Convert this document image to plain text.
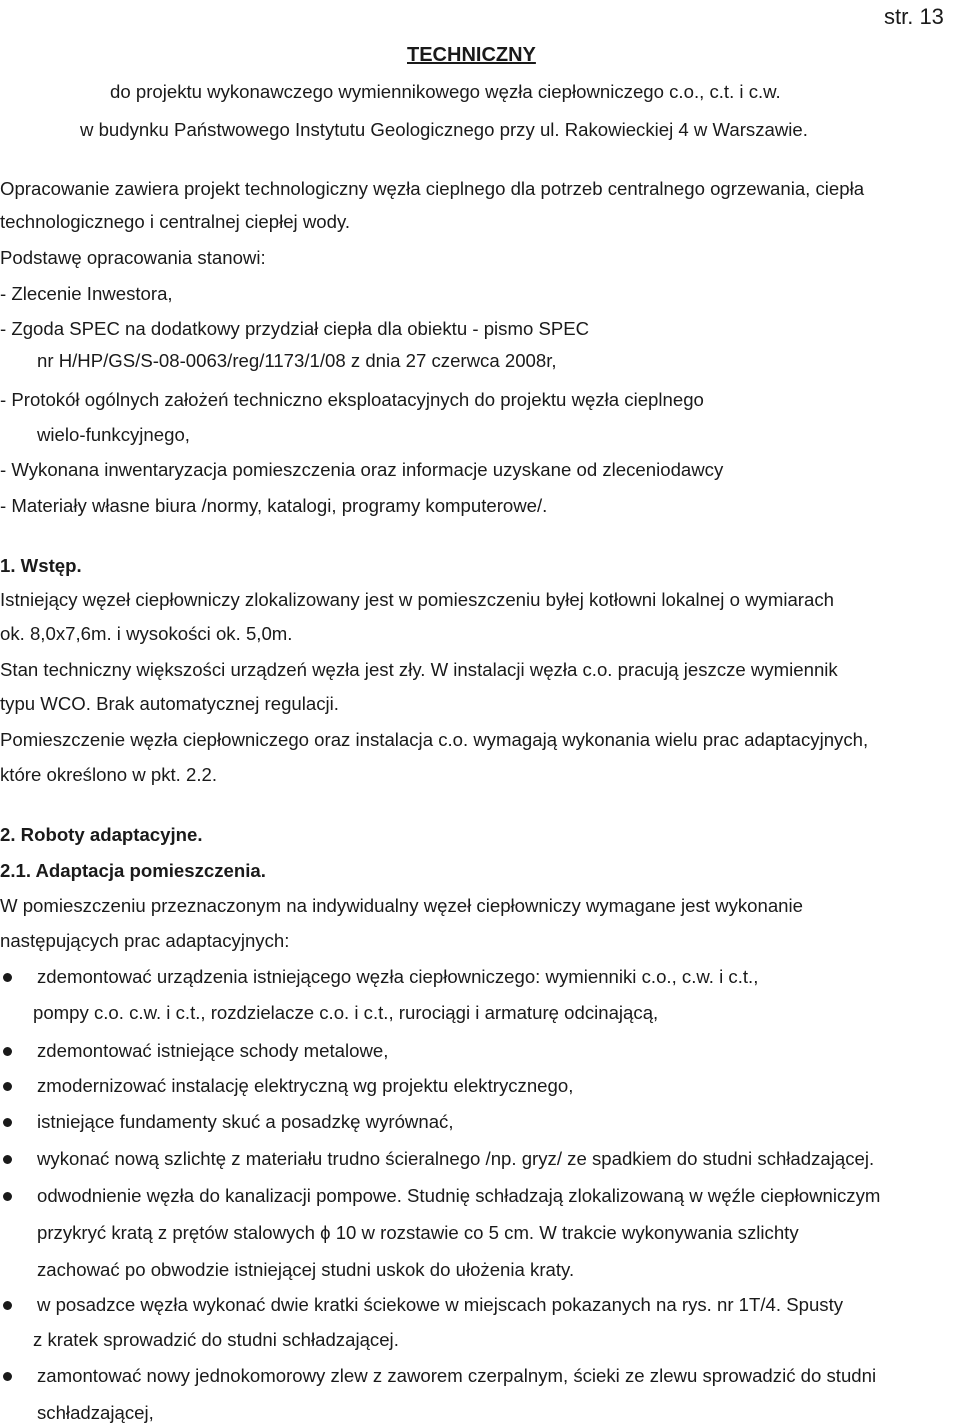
str. 13
TECHNICZNY
do projektu wykonawczego wymiennikowego węzła ciepłowniczego c.o., c.t. i c.w.
w budynku Państwowego Instytutu Geologicznego przy ul. Rakowieckiej 4 w Warszawie.
Opracowanie zawiera projekt technologiczny węzła cieplnego dla potrzeb centralnego ogrzewania, ciepła
technologicznego i centralnej ciepłej wody.
Podstawę opracowania stanowi:
- Zlecenie Inwestora,
- Zgoda SPEC na dodatkowy przydział ciepła dla obiektu - pismo SPEC
nr H/HP/GS/S-08-0063/reg/1173/1/08 z dnia 27 czerwca 2008r,
- Protokół ogólnych założeń techniczno eksploatacyjnych do projektu węzła cieplnego
wielo-funkcyjnego,
- Wykonana inwentaryzacja pomieszczenia oraz informacje uzyskane od zleceniodawcy
- Materiały własne biura /normy, katalogi, programy komputerowe/.
1. Wstęp.
Istniejący węzeł ciepłowniczy zlokalizowany jest w pomieszczeniu byłej kotłowni lokalnej o wymiarach
ok. 8,0x7,6m. i wysokości ok. 5,0m.
Stan techniczny większości urządzeń węzła jest zły. W instalacji węzła c.o. pracują jeszcze wymiennik
typu WCO. Brak automatycznej regulacji.
Pomieszczenie węzła ciepłowniczego oraz instalacja c.o. wymagają wykonania wielu prac adaptacyjnych,
które określono w pkt. 2.2.
2. Roboty adaptacyjne.
2.1. Adaptacja pomieszczenia.
W pomieszczeniu przeznaczonym na indywidualny węzeł ciepłowniczy wymagane jest wykonanie
następujących prac adaptacyjnych:
zdemontować urządzenia istniejącego węzła ciepłowniczego: wymienniki c.o., c.w. i c.t.,
pompy c.o. c.w. i c.t., rozdzielacze c.o. i c.t., rurociągi i armaturę odcinającą,
zdemontować istniejące schody metalowe,
zmodernizować instalację elektryczną wg projektu elektrycznego,
istniejące fundamenty skuć a posadzkę wyrównać,
wykonać nową szlichtę z materiału trudno ścieralnego /np. gryz/ ze spadkiem do studni schładzającej.
odwodnienie węzła do kanalizacji pompowe. Studnię schładzają zlokalizowaną w węźle ciepłowniczym
przykryć kratą z prętów stalowych ϕ 10 w rozstawie co 5 cm. W trakcie wykonywania szlichty
zachować po obwodzie istniejącej studni uskok do ułożenia kraty.
w posadzce węzła wykonać dwie kratki ściekowe w miejscach pokazanych na rys. nr 1T/4. Spusty
z kratek sprowadzić do studni schładzającej.
zamontować nowy jednokomorowy zlew z zaworem czerpalnym, ścieki ze zlewu sprowadzić do studni
schładzającej,
